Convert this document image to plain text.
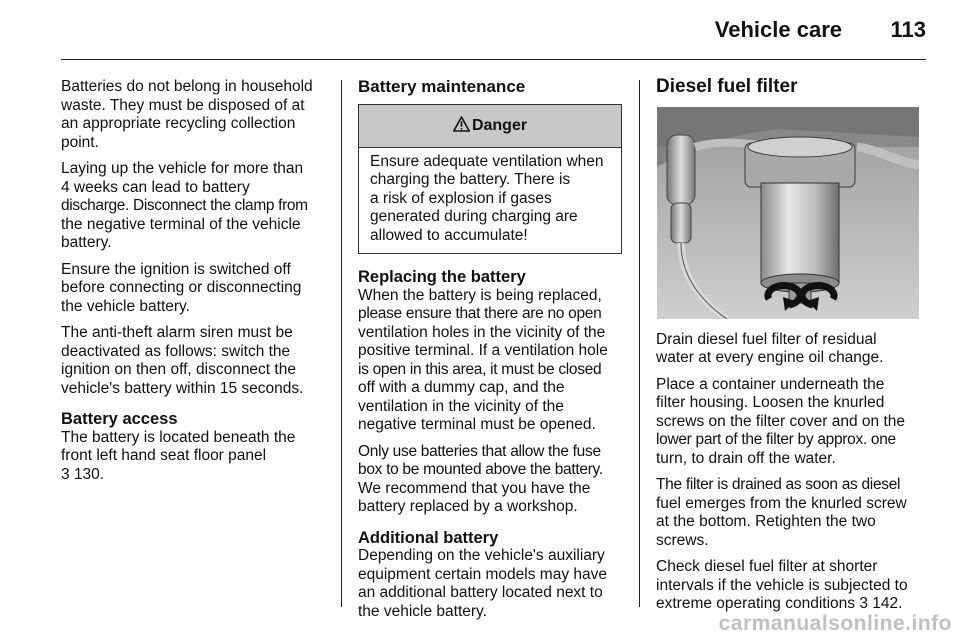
Vehicle care 113

Batteries do not belong in household
waste. They must be disposed of at
an appropriate recycling collection
point.

Laying up the vehicle for more than
4 weeks can lead to battery
discharge. Disconnect the clamp from
the negative terminal of the vehicle
battery.

Ensure the ignition is switched off
before connecting or disconnecting
the vehicle battery.

The anti-theft alarm siren must be
deactivated as follows: switch the
ignition on then off, disconnect the
vehicle's battery within 15 seconds.

Battery access
The battery is located beneath the
front left hand seat floor panel
3 130.

Battery maintenance
Danger
Ensure adequate ventilation when
charging the battery. There is
a risk of explosion if gases
generated during charging are
allowed to accumulate!

Replacing the battery
When the battery is being replaced,
please ensure that there are no open
ventilation holes in the vicinity of the
positive terminal. If a ventilation hole
is open in this area, it must be closed
off with a dummy cap, and the
ventilation in the vicinity of the
negative terminal must be opened.

Only use batteries that allow the fuse
box to be mounted above the battery.
We recommend that you have the
battery replaced by a workshop.

Additional battery
Depending on the vehicle's auxiliary
equipment certain models may have
an additional battery located next to
the vehicle battery.

Diesel fuel filter

Drain diesel fuel filter of residual
water at every engine oil change.

Place a container underneath the
filter housing. Loosen the knurled
screws on the filter cover and on the
lower part of the filter by approx. one
turn, to drain off the water.

The filter is drained as soon as diesel
fuel emerges from the knurled screw
at the bottom. Retighten the two
screws.

Check diesel fuel filter at shorter
intervals if the vehicle is subjected to
extreme operating conditions 3 142.

carmanualsonline.info
